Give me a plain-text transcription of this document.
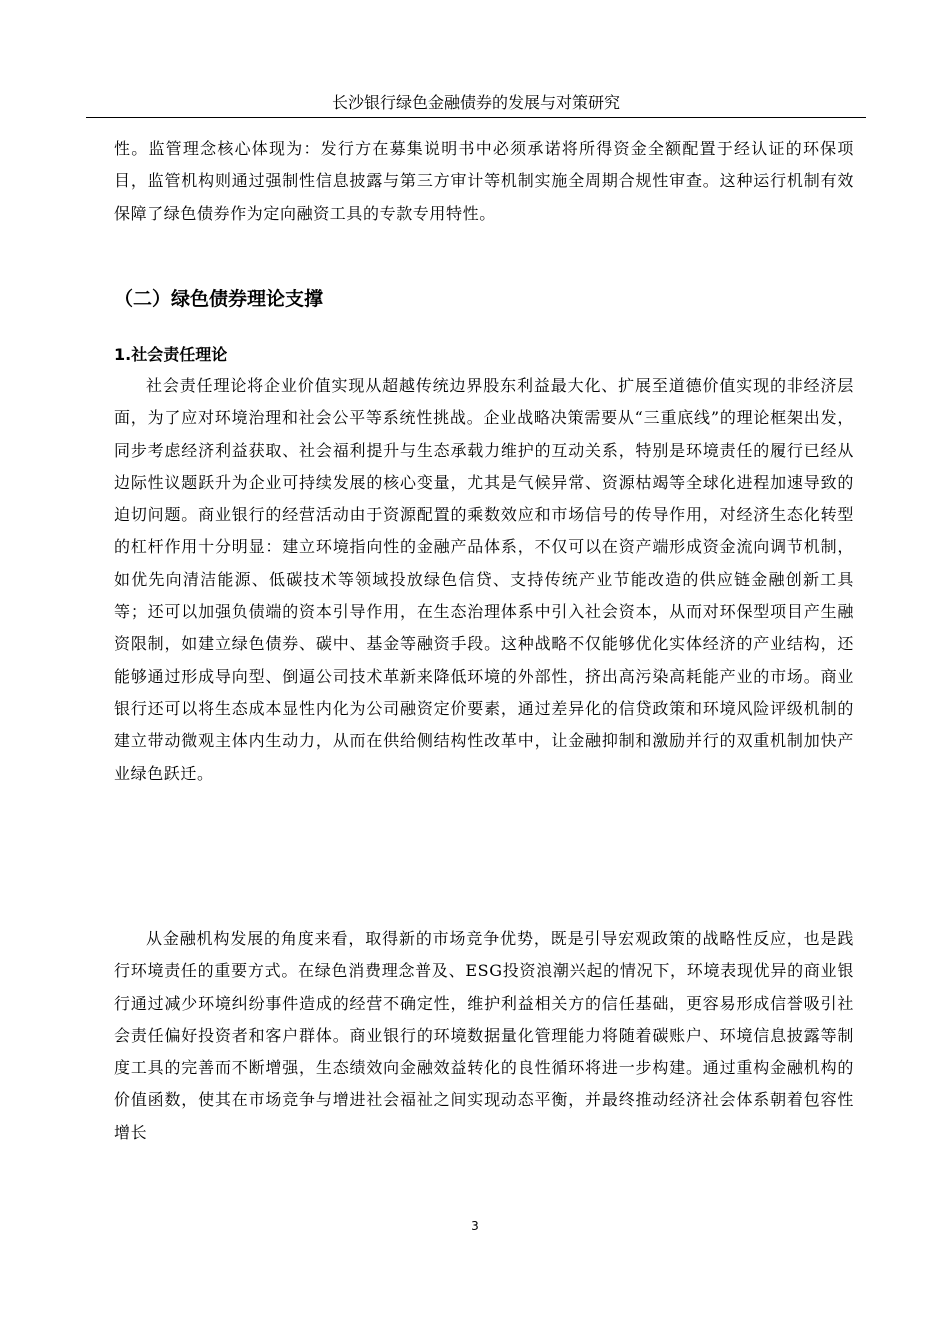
长沙银行绿色金融债券的发展与对策研究

性。监管理念核心体现为：发行方在募集说明书中必须承诺将所得资金全额配置于经认证的环保项目，监管机构则通过强制性信息披露与第三方审计等机制实施全周期合规性审查。这种运行机制有效保障了绿色债券作为定向融资工具的专款专用特性。

（二）绿色债券理论支撑
1.社会责任理论

社会责任理论将企业价值实现从超越传统边界股东利益最大化、扩展至道德价值实现的非经济层面，为了应对环境治理和社会公平等系统性挑战。企业战略决策需要从“三重底线”的理论框架出发，同步考虑经济利益获取、社会福利提升与生态承载力维护的互动关系，特别是环境责任的履行已经从边际性议题跃升为企业可持续发展的核心变量，尤其是气候异常、资源枯竭等全球化进程加速导致的迫切问题。商业银行的经营活动由于资源配置的乘数效应和市场信号的传导作用，对经济生态化转型的杠杆作用十分明显：建立环境指向性的金融产品体系，不仅可以在资产端形成资金流向调节机制，如优先向清洁能源、低碳技术等领域投放绿色信贷、支持传统产业节能改造的供应链金融创新工具等；还可以加强负债端的资本引导作用，在生态治理体系中引入社会资本，从而对环保型项目产生融资限制，如建立绿色债券、碳中、基金等融资手段。这种战略不仅能够优化实体经济的产业结构，还能够通过形成导向型、倒逼公司技术革新来降低环境的外部性，挤出高污染高耗能产业的市场。商业银行还可以将生态成本显性内化为公司融资定价要素，通过差异化的信贷政策和环境风险评级机制的建立带动微观主体内生动力，从而在供给侧结构性改革中，让金融抑制和激励并行的双重机制加快产业绿色跃迁。

从金融机构发展的角度来看，取得新的市场竞争优势，既是引导宏观政策的战略性反应，也是践行环境责任的重要方式。在绿色消费理念普及、ESG投资浪潮兴起的情况下，环境表现优异的商业银行通过减少环境纠纷事件造成的经营不确定性，维护利益相关方的信任基础，更容易形成信誉吸引社会责任偏好投资者和客户群体。商业银行的环境数据量化管理能力将随着碳账户、环境信息披露等制度工具的完善而不断增强，生态绩效向金融效益转化的良性循环将进一步构建。通过重构金融机构的价值函数，使其在市场竞争与增进社会福祉之间实现动态平衡，并最终推动经济社会体系朝着包容性增长

3
